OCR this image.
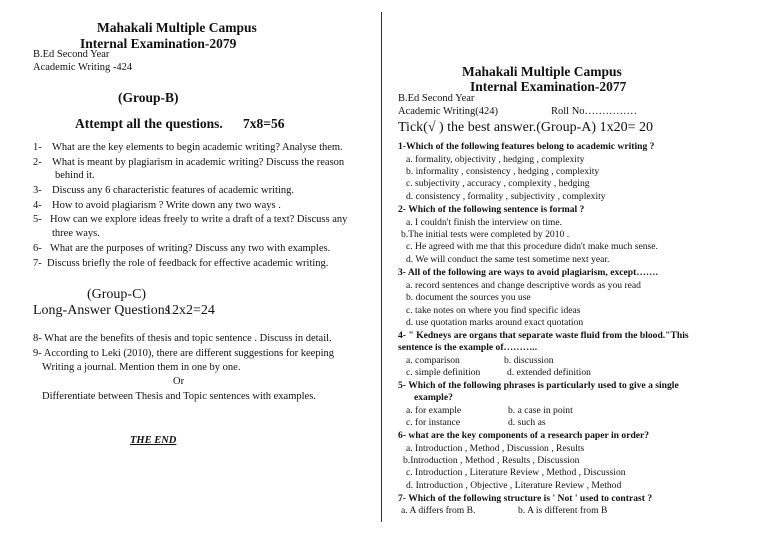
Mahakali Multiple Campus
Internal Examination-2079
B.Ed Second Year
Academic Writing -424
(Group-B)
Attempt all the questions. 7x8=56
1- What are the key elements to begin academic writing? Analyse them.
2- What is meant by plagiarism in academic writing? Discuss the reason
behind it.
3- Discuss any 6 characteristic features of academic writing.
4- How to avoid plagiarism ? Write down any two ways .
5- How can we explore ideas freely to write a draft of a text? Discuss any
three ways.
6- What are the purposes of writing? Discuss any two with examples.
7- Discuss briefly the role of feedback for effective academic writing.
(Group-C)
Long-Answer Questions
12x2=24
8- What are the benefits of thesis and topic sentence . Discuss in detail.
9- According to Leki (2010), there are different suggestions for keeping
Writing a journal. Mention them in one by one.
Or
Differentiate between Thesis and Topic sentences with examples.
THE END
Mahakali Multiple Campus
Internal Examination-2077
B.Ed Second Year
Academic Writing(424)	Roll No……………
Tick(√ ) the best answer.(Group-A) 1x20= 20
1-Which of the following features belong to academic writing ?
a. formality, objectivity , hedging , complexity
b. informality , consistency , hedging , complexity
c. subjectivity , accuracy , complexity , hedging
d. consistency , formality , subjectivity , complexity
2- Which of the following sentence is formal ?
a. I couldn't finish the interview on time.
b.The initial tests were completed by 2010 .
c. He agreed with me that this procedure didn't make much sense.
d. We will conduct the same test sometime next year.
3- All of the following are ways to avoid plagiarism, except…….
a. record sentences and change descriptive words as you read
b. document the sources you use
c. take notes on where you find specific ideas
d. use quotation marks around exact quotation
4- " Kedneys are organs that separate waste fluid from the blood."This
sentence is the example of………..
a. comparison	b. discussion
c. simple definition	d. extended definition
5- Which of the following phrases is particularly used to give a single
example?
a. for example	b. a case in point
c. for instance	d. such as
6- what are the key components of a research paper in order?
a. Introduction , Method , Discussion , Results
b.Introduction , Method , Results , Discussion
c. Introduction , Literature Review , Method , Discussion
d. Introduction , Objective , Literature Review , Method
7- Which of the following structure is ' Not ' used to contrast ?
a. A differs from B.	b. A is different from B
